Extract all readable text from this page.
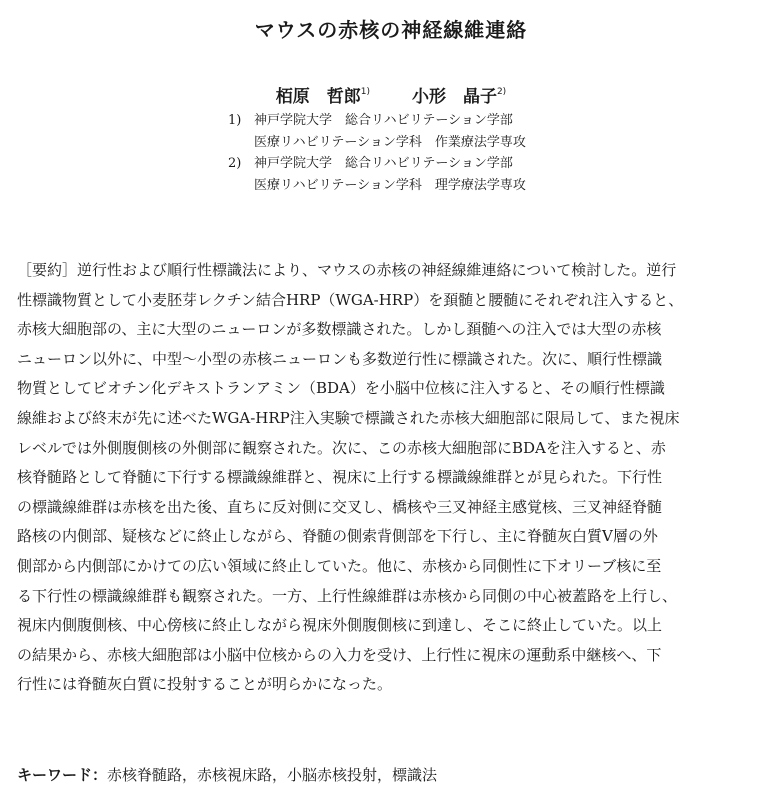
マウスの赤核の神経線維連絡
栢原　哲郎$^{1)}$ 小形　晶子$^{2)}$
1) 神戸学院大学　総合リハビリテーション学部
医療リハビリテーション学科　作業療法学専攻
2) 神戸学院大学　総合リハビリテーション学部
医療リハビリテーション学科　理学療法学専攻
［要約］逆行性および順行性標識法により、マウスの赤核の神経線維連絡について検討した。逆行
性標識物質として小麦胚芽レクチン結合HRP（WGA-HRP）を頚髄と腰髄にそれぞれ注入すると、
赤核大細胞部の、主に大型のニューロンが多数標識された。しかし頚髄への注入では大型の赤核
ニューロン以外に、中型～小型の赤核ニューロンも多数逆行性に標識された。次に、順行性標識
物質としてビオチン化デキストランアミン（BDA）を小脳中位核に注入すると、その順行性標識
線維および終末が先に述べたWGA-HRP注入実験で標識された赤核大細胞部に限局して、また視床
レベルでは外側腹側核の外側部に観察された。次に、この赤核大細胞部にBDAを注入すると、赤
核脊髄路として脊髄に下行する標識線維群と、視床に上行する標識線維群とが見られた。下行性
の標識線維群は赤核を出た後、直ちに反対側に交叉し、橋核や三叉神経主感覚核、三叉神経脊髄
路核の内側部、疑核などに終止しながら、脊髄の側索背側部を下行し、主に脊髄灰白質Ⅴ層の外
側部から内側部にかけての広い領域に終止していた。他に、赤核から同側性に下オリーブ核に至
る下行性の標識線維群も観察された。一方、上行性線維群は赤核から同側の中心被蓋路を上行し、
視床内側腹側核、中心傍核に終止しながら視床外側腹側核に到達し、そこに終止していた。以上
の結果から、赤核大細胞部は小脳中位核からの入力を受け、上行性に視床の運動系中継核へ、下
行性には脊髄灰白質に投射することが明らかになった。
キーワード：赤核脊髄路，赤核視床路，小脳赤核投射，標識法
